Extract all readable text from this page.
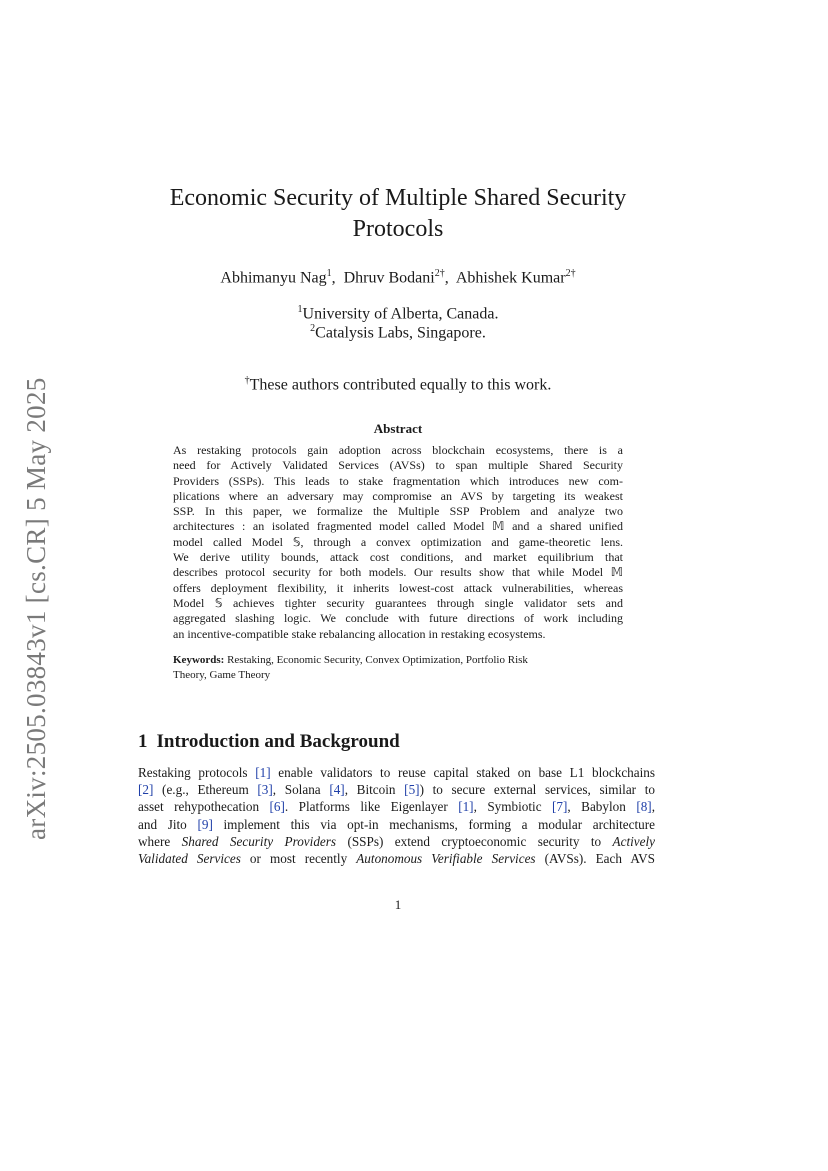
arXiv:2505.03843v1 [cs.CR] 5 May 2025
Economic Security of Multiple Shared Security Protocols
Abhimanyu Nag$^1$,  Dhruv Bodani$^{2\dagger}$,  Abhishek Kumar$^{2\dagger}$
$^1$University of Alberta, Canada.
$^2$Catalysis Labs, Singapore.
†These authors contributed equally to this work.
Abstract
As restaking protocols gain adoption across blockchain ecosystems, there is a
need for Actively Validated Services (AVSs) to span multiple Shared Security
Providers (SSPs). This leads to stake fragmentation which introduces new com-
plications where an adversary may compromise an AVS by targeting its weakest
SSP. In this paper, we formalize the Multiple SSP Problem and analyze two
architectures : an isolated fragmented model called Model 𝕄 and a shared unified
model called Model 𝕊, through a convex optimization and game-theoretic lens.
We derive utility bounds, attack cost conditions, and market equilibrium that
describes protocol security for both models. Our results show that while Model 𝕄
offers deployment flexibility, it inherits lowest-cost attack vulnerabilities, whereas
Model 𝕊 achieves tighter security guarantees through single validator sets and
aggregated slashing logic. We conclude with future directions of work including
an incentive-compatible stake rebalancing allocation in restaking ecosystems.
Keywords: Restaking, Economic Security, Convex Optimization, Portfolio Risk
Theory, Game Theory
1 Introduction and Background
Restaking protocols [1] enable validators to reuse capital staked on base L1 blockchains
[2] (e.g., Ethereum [3], Solana [4], Bitcoin [5]) to secure external services, similar to
asset rehypothecation [6]. Platforms like Eigenlayer [1], Symbiotic [7], Babylon [8],
and Jito [9] implement this via opt-in mechanisms, forming a modular architecture
where Shared Security Providers (SSPs) extend cryptoeconomic security to Actively
Validated Services or most recently Autonomous Verifiable Services (AVSs). Each AVS
1
